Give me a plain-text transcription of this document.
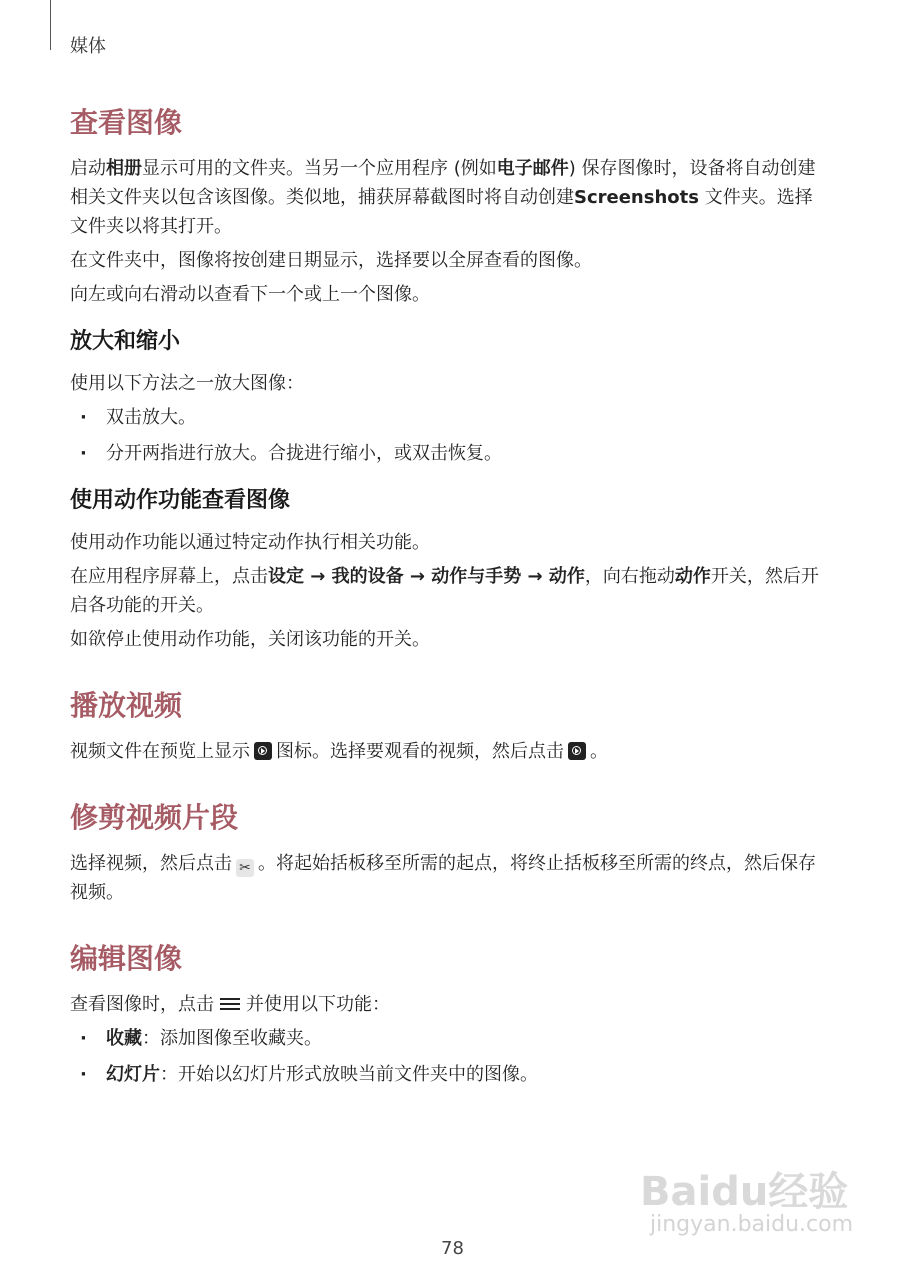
媒体
查看图像
启动相册显示可用的文件夹。当另一个应用程序 (例如电子邮件) 保存图像时，设备将自动创建相关文件夹以包含该图像。类似地，捕获屏幕截图时将自动创建Screenshots 文件夹。选择文件夹以将其打开。
在文件夹中，图像将按创建日期显示，选择要以全屏查看的图像。
向左或向右滑动以查看下一个或上一个图像。
放大和缩小
使用以下方法之一放大图像：
· 双击放大。
· 分开两指进行放大。合拢进行缩小，或双击恢复。
使用动作功能查看图像
使用动作功能以通过特定动作执行相关功能。
在应用程序屏幕上，点击设定 → 我的设备 → 动作与手势 → 动作，向右拖动动作开关，然后开启各功能的开关。
如欲停止使用动作功能，关闭该功能的开关。
播放视频
视频文件在预览上显示 图标。选择要观看的视频，然后点击 。
修剪视频片段
选择视频，然后点击 ✂ 。将起始括板移至所需的起点，将终止括板移至所需的终点，然后保存视频。
编辑图像
查看图像时，点击 并使用以下功能：
· 收藏：添加图像至收藏夹。
· 幻灯片：开始以幻灯片形式放映当前文件夹中的图像。
Baidu经验
jingyan.baidu.com
78
